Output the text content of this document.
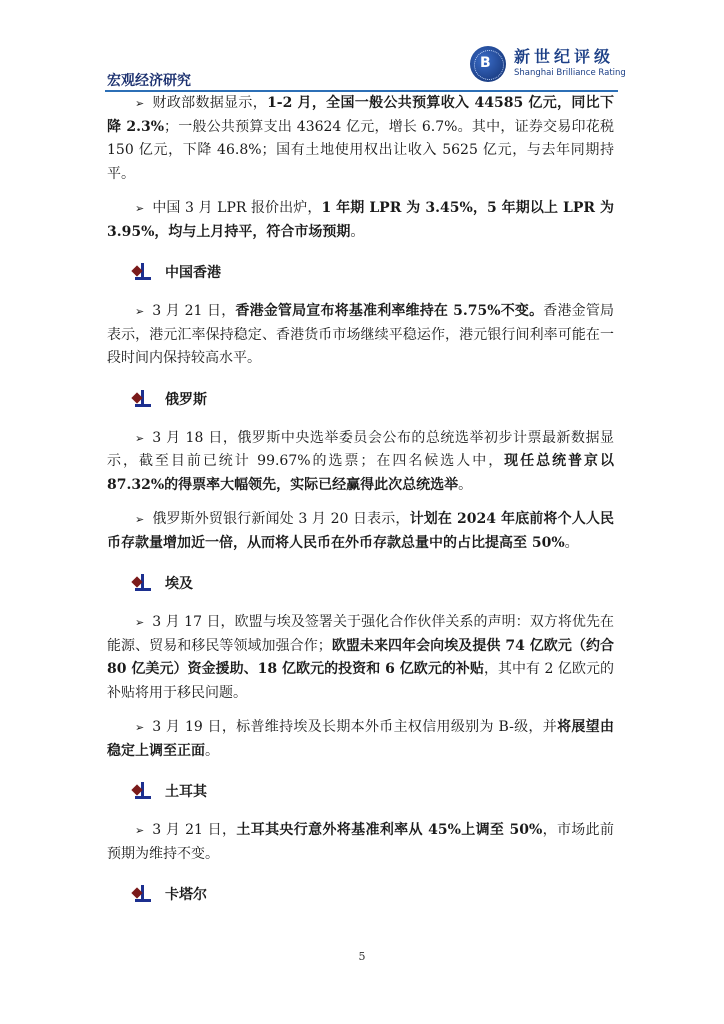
B 新世纪评级
Shanghai Brilliance Rating
宏观经济研究

➢ 财政部数据显示，1-2 月，全国一般公共预算收入 44585 亿元，同比下降 2.3%；一般公共预算支出 43624 亿元，增长 6.7%。其中，证券交易印花税 150 亿元，下降 46.8%；国有土地使用权出让收入 5625 亿元，与去年同期持平。

➢ 中国 3 月 LPR 报价出炉，1 年期 LPR 为 3.45%，5 年期以上 LPR 为 3.95%，均与上月持平，符合市场预期。

中国香港

➢ 3 月 21 日，香港金管局宣布将基准利率维持在 5.75%不变。香港金管局表示，港元汇率保持稳定、香港货币市场继续平稳运作，港元银行间利率可能在一段时间内保持较高水平。

俄罗斯

➢ 3 月 18 日，俄罗斯中央选举委员会公布的总统选举初步计票最新数据显示，截至目前已统计 99.67%的选票；在四名候选人中，现任总统普京以 87.32%的得票率大幅领先，实际已经赢得此次总统选举。

➢ 俄罗斯外贸银行新闻处 3 月 20 日表示，计划在 2024 年底前将个人人民币存款量增加近一倍，从而将人民币在外币存款总量中的占比提高至 50%。

埃及

➢ 3 月 17 日，欧盟与埃及签署关于强化合作伙伴关系的声明：双方将优先在能源、贸易和移民等领域加强合作；欧盟未来四年会向埃及提供 74 亿欧元（约合 80 亿美元）资金援助、18 亿欧元的投资和 6 亿欧元的补贴，其中有 2 亿欧元的补贴将用于移民问题。

➢ 3 月 19 日，标普维持埃及长期本外币主权信用级别为 B-级，并将展望由稳定上调至正面。

土耳其

➢ 3 月 21 日，土耳其央行意外将基准利率从 45%上调至 50%，市场此前预期为维持不变。

卡塔尔
5
